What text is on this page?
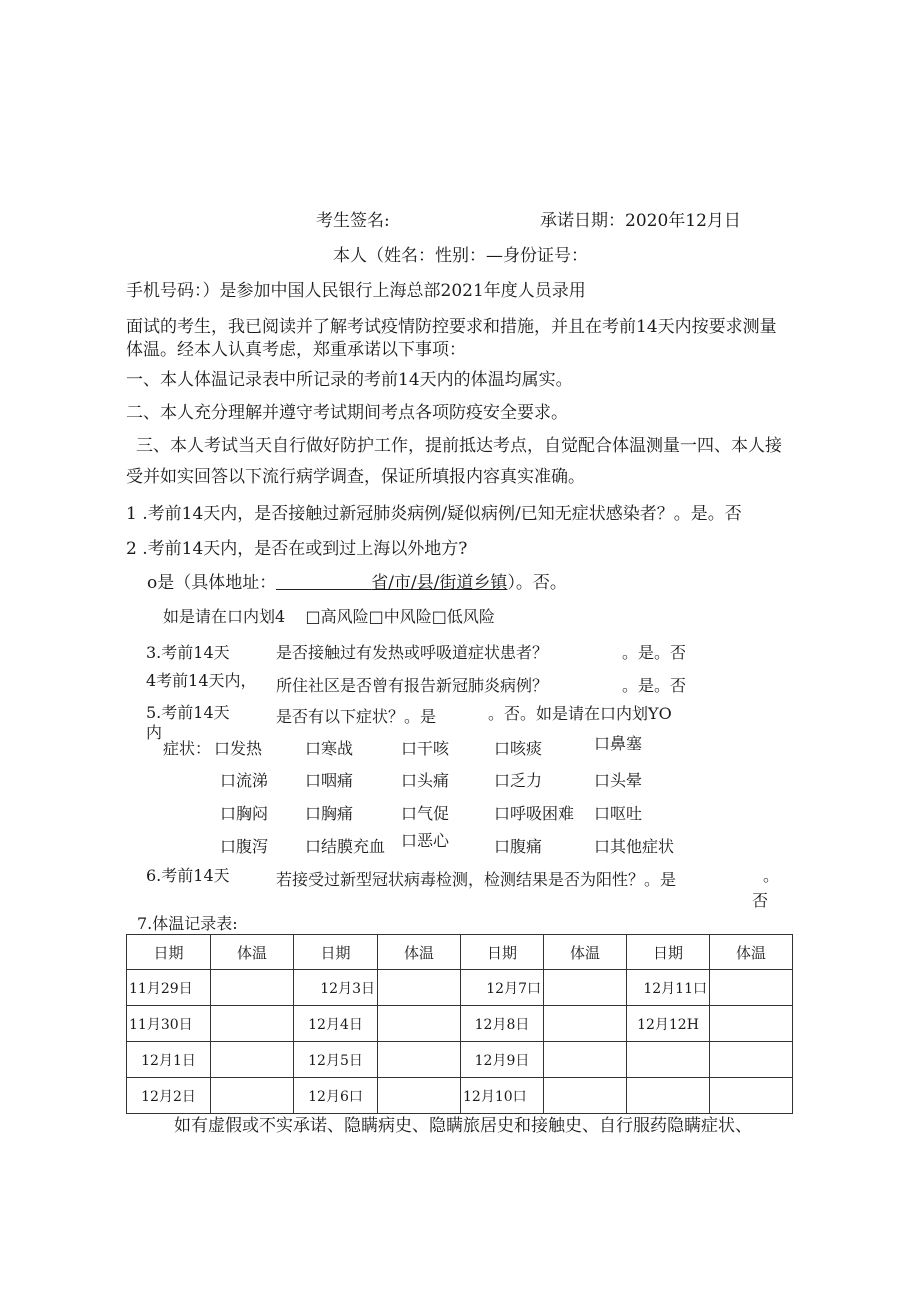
考生签名:	承诺日期：2020年12月日
本人（姓名：性别：—身份证号：
手机号码：）是参加中国人民银行上海总部2021年度人员录用
面试的考生，我已阅读并了解考试疫情防控要求和措施，并且在考前14天内按要求测量
体温。经本人认真考虑，郑重承诺以下事项：
一、本人体温记录表中所记录的考前14天内的体温均属实。
二、本人充分理解并遵守考试期间考点各项防疫安全要求。
三、本人考试当天自行做好防护工作，提前抵达考点，自觉配合体温测量一四、本人接
受并如实回答以下流行病学调查，保证所填报内容真实准确。
1 .考前14天内，是否接触过新冠肺炎病例/疑似病例/已知无症状感染者？。是。否
2 .考前14天内，是否在或到过上海以外地方?
o是（具体地址：	省/市/县/街道乡镇）。否。
如是请在口内划4    □高风险□中风险□低风险
3.考前14天	是否接触过有发热或呼吸道症状患者？	。是。否
4考前14天内， 所住社区是否曾有报告新冠肺炎病例？	。是。否
5.考前14天
内
是否有以下症状？。是	。否。如是请在口内划YO
症状： 口发热	口寒战	口干咳	口咳痰	口鼻塞
口流涕 口咽痛	口头痛	口乏力	口头晕
口胸闷 口胸痛	口气促	口呼吸困难 口呕吐
口腹泻 口结膜充血 口恶心	口腹痛	口其他症状
6.考前14天	若接受过新型冠状病毒检测，检测结果是否为阳性？。是	。
否
7.体温记录表:
日期	体温	日期	体温	日期	体温	日期	体温
11月29日		12月3日		12月7口		12月11口	
11月30日		12月4日		12月8日		12月12H	
12月1日		12月5日		12月9日			
12月2日		12月6口		12月10口			
如有虚假或不实承诺、隐瞒病史、隐瞒旅居史和接触史、自行服药隐瞒症状、
